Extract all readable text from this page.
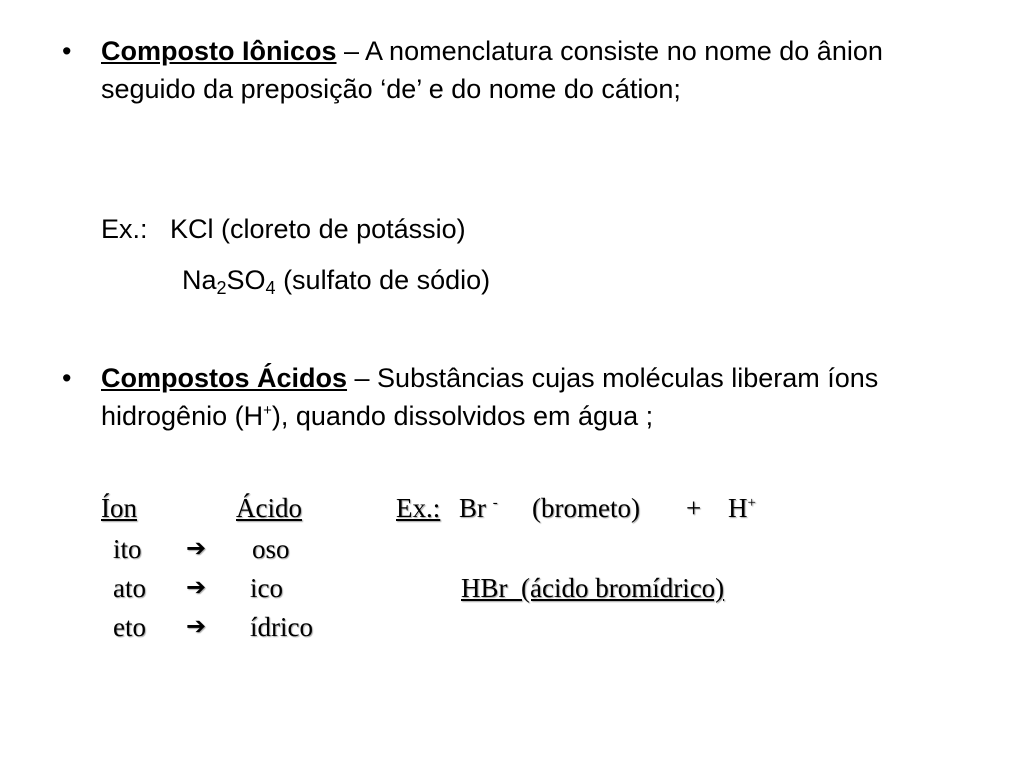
• Composto Iônicos – A nomenclatura consiste no nome do ânion seguido da preposição ‘de’ e do nome do cátion;
Ex.: KCl (cloreto de potássio)
$Na_2SO_4$ (sulfato de sódio)
• Compostos Ácidos – Substâncias cujas moléculas liberam íons hidrogênio (H+), quando dissolvidos em água ;
Íon	Ácido	Ex.: Br - (brometo) + H+
ito ➔ oso
ato ➔ ico	HBr  (ácido bromídrico)
eto ➔ ídrico
